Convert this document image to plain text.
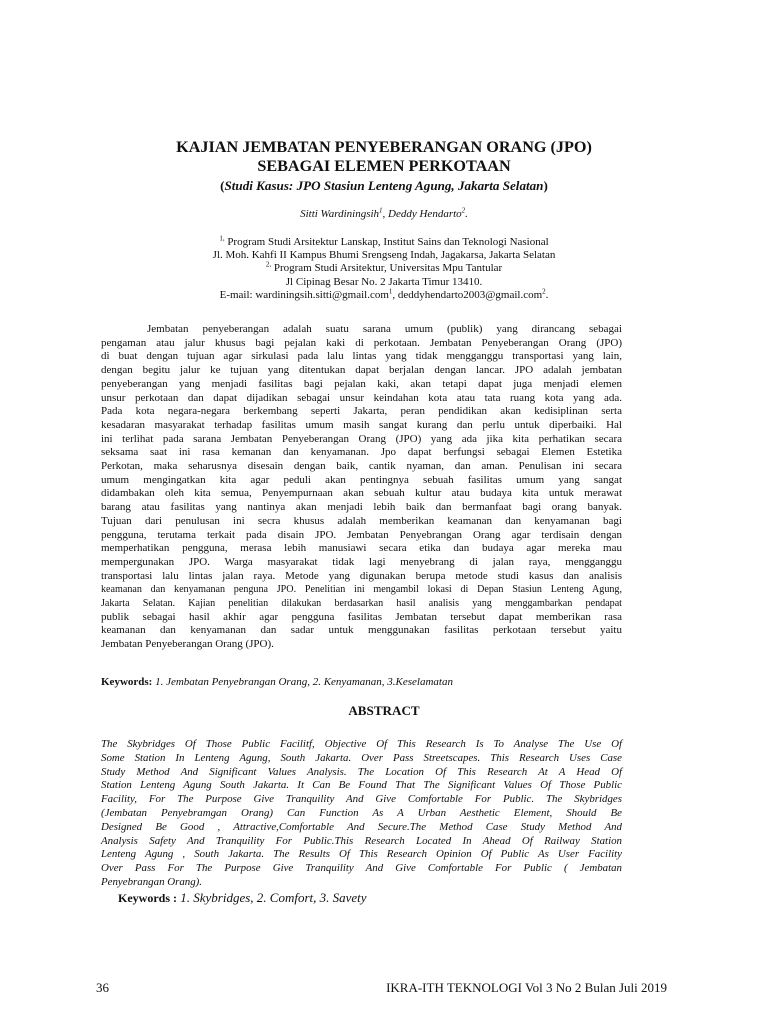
KAJIAN JEMBATAN PENYEBERANGAN ORANG (JPO)
SEBAGAI ELEMEN PERKOTAAN
(Studi Kasus: JPO Stasiun Lenteng Agung, Jakarta Selatan)
Sitti Wardiningsih$^1$, Deddy Hendarto$^2$.
$^{1,}$ Program Studi Arsitektur Lanskap, Institut Sains dan Teknologi Nasional
Jl. Moh. Kahfi II Kampus Bhumi Srengseng Indah, Jagakarsa, Jakarta Selatan
$^{2,}$ Program Studi Arsitektur, Universitas Mpu Tantular
Jl Cipinag Besar No. 2 Jakarta Timur 13410.
E-mail: wardiningsih.sitti@gmail.com$^1$, deddyhendarto2003@gmail.com$^2$.
Jembatan penyeberangan adalah suatu sarana umum (publik) yang dirancang sebagai
pengaman atau jalur khusus bagi pejalan kaki di perkotaan. Jembatan Penyeberangan Orang (JPO)
di buat dengan tujuan agar sirkulasi pada lalu lintas yang tidak mengganggu transportasi yang lain,
dengan begitu jalur ke tujuan yang ditentukan dapat berjalan dengan lancar. JPO adalah jembatan
penyeberangan yang menjadi fasilitas bagi pejalan kaki, akan tetapi dapat juga menjadi elemen
unsur perkotaan dan dapat dijadikan sebagai unsur keindahan kota atau tata ruang kota yang ada.
Pada kota negara-negara berkembang seperti Jakarta, peran pendidikan akan kedisiplinan serta
kesadaran masyarakat terhadap fasilitas umum masih sangat kurang dan perlu untuk diperbaiki. Hal
ini terlihat pada sarana Jembatan Penyeberangan Orang (JPO) yang ada jika kita perhatikan secara
seksama saat ini rasa kemanan dan kenyamanan. Jpo dapat berfungsi sebagai Elemen Estetika
Perkotan, maka seharusnya disesain dengan baik, cantik nyaman, dan aman. Penulisan ini secara
umum mengingatkan kita agar peduli akan pentingnya sebuah fasilitas umum yang sangat
didambakan oleh kita semua, Penyempurnaan akan sebuah kultur atau budaya kita untuk merawat
barang atau fasilitas yang nantinya akan menjadi lebih baik dan bermanfaat bagi orang banyak.
Tujuan dari penulusan ini secra khusus adalah memberikan keamanan dan kenyamanan bagi
pengguna, terutama terkait pada disain JPO. Jembatan Penyebrangan Orang agar terdisain dengan
memperhatikan pengguna, merasa lebih manusiawi secara etika dan budaya agar mereka mau
mempergunakan JPO. Warga masyarakat tidak lagi menyebrang di jalan raya, mengganggu
transportasi lalu lintas jalan raya. Metode yang digunakan berupa metode studi kasus dan analisis
keamanan dan kenyamanan penguna JPO. Penelitian ini mengambil lokasi di Depan Stasiun Lenteng Agung,
Jakarta Selatan. Kajian penelitian dilakukan berdasarkan hasil analisis yang menggambarkan pendapat
publik sebagai hasil akhir agar pengguna fasilitas Jembatan tersebut dapat memberikan rasa
keamanan dan kenyamanan dan sadar untuk menggunakan fasilitas perkotaan tersebut yaitu
Jembatan Penyeberangan Orang (JPO).
Keywords: 1. Jembatan Penyebrangan Orang, 2. Kenyamanan, 3.Keselamatan
ABSTRACT
The Skybridges Of Those Public Facilitf, Objective Of This Research Is To Analyse The Use Of
Some Station In Lenteng Agung, South Jakarta. Over Pass Streetscapes. This Research Uses Case
Study Method And Significant Values Analysis. The Location Of This Research At A Head Of
Station Lenteng Agung South Jakarta. It Can Be Found That The Significant Values Of Those Public
Facility, For The Purpose Give Tranquility And Give Comfortable For Public. The Skybridges
(Jembatan Penyebramgan Orang) Can Function As A Urban Aesthetic Element, Should Be
Designed Be Good , Attractive,Comfortable And Secure.The Method Case Study Method And
Analysis Safety And Tranquility For Public.This Research Located In Ahead Of Railway Station
Lenteng Agung , South Jakarta. The Results Of This Research Opinion Of Public As User Facility
Over Pass For The Purpose Give Tranquility And Give Comfortable For Public ( Jembatan
Penyebrangan Orang).
Keywords : 1. Skybridges, 2. Comfort, 3. Savety
36	IKRA-ITH TEKNOLOGI Vol 3 No 2 Bulan Juli 2019
